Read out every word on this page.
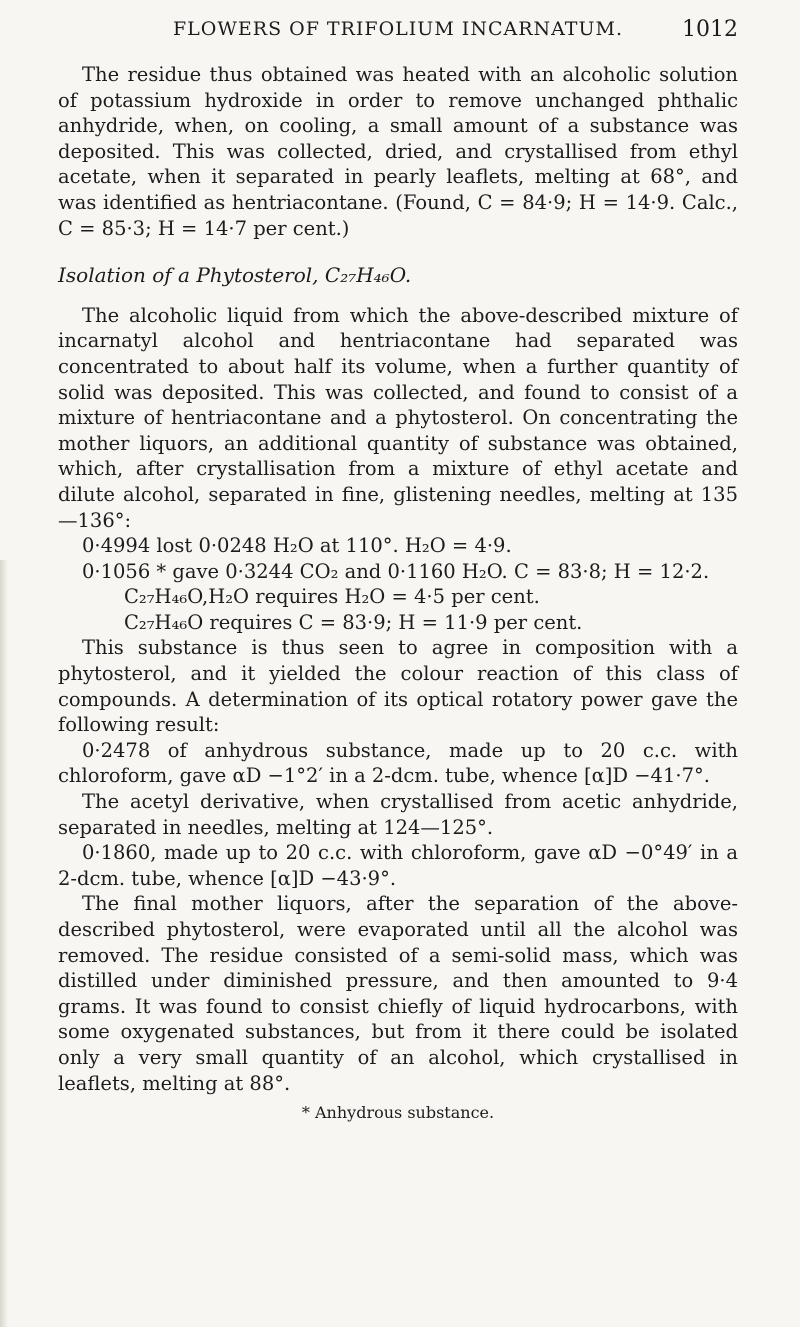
FLOWERS OF TRIFOLIUM INCARNATUM.	1012

The residue thus obtained was heated with an alcoholic solution of potassium hydroxide in order to remove unchanged phthalic anhydride, when, on cooling, a small amount of a substance was deposited. This was collected, dried, and crystallised from ethyl acetate, when it separated in pearly leaflets, melting at 68°, and was identified as hentriacontane. (Found, C = 84·9; H = 14·9. Calc., C = 85·3; H = 14·7 per cent.)

Isolation of a Phytosterol, C₂₇H₄₆O.

The alcoholic liquid from which the above-described mixture of incarnatyl alcohol and hentriacontane had separated was concentrated to about half its volume, when a further quantity of solid was deposited. This was collected, and found to consist of a mixture of hentriacontane and a phytosterol. On concentrating the mother liquors, an additional quantity of substance was obtained, which, after crystallisation from a mixture of ethyl acetate and dilute alcohol, separated in fine, glistening needles, melting at 135—136°:

0·4994 lost 0·0248 H₂O at 110°. H₂O = 4·9.

0·1056 * gave 0·3244 CO₂ and 0·1160 H₂O. C = 83·8; H = 12·2.

C₂₇H₄₆O,H₂O requires H₂O = 4·5 per cent.

C₂₇H₄₆O requires C = 83·9; H = 11·9 per cent.

This substance is thus seen to agree in composition with a phytosterol, and it yielded the colour reaction of this class of compounds. A determination of its optical rotatory power gave the following result:

0·2478 of anhydrous substance, made up to 20 c.c. with chloroform, gave αD −1°2′ in a 2-dcm. tube, whence [α]D −41·7°.

The acetyl derivative, when crystallised from acetic anhydride, separated in needles, melting at 124—125°.

0·1860, made up to 20 c.c. with chloroform, gave αD −0°49′ in a 2-dcm. tube, whence [α]D −43·9°.

The final mother liquors, after the separation of the above-described phytosterol, were evaporated until all the alcohol was removed. The residue consisted of a semi-solid mass, which was distilled under diminished pressure, and then amounted to 9·4 grams. It was found to consist chiefly of liquid hydrocarbons, with some oxygenated substances, but from it there could be isolated only a very small quantity of an alcohol, which crystallised in leaflets, melting at 88°.

* Anhydrous substance.
